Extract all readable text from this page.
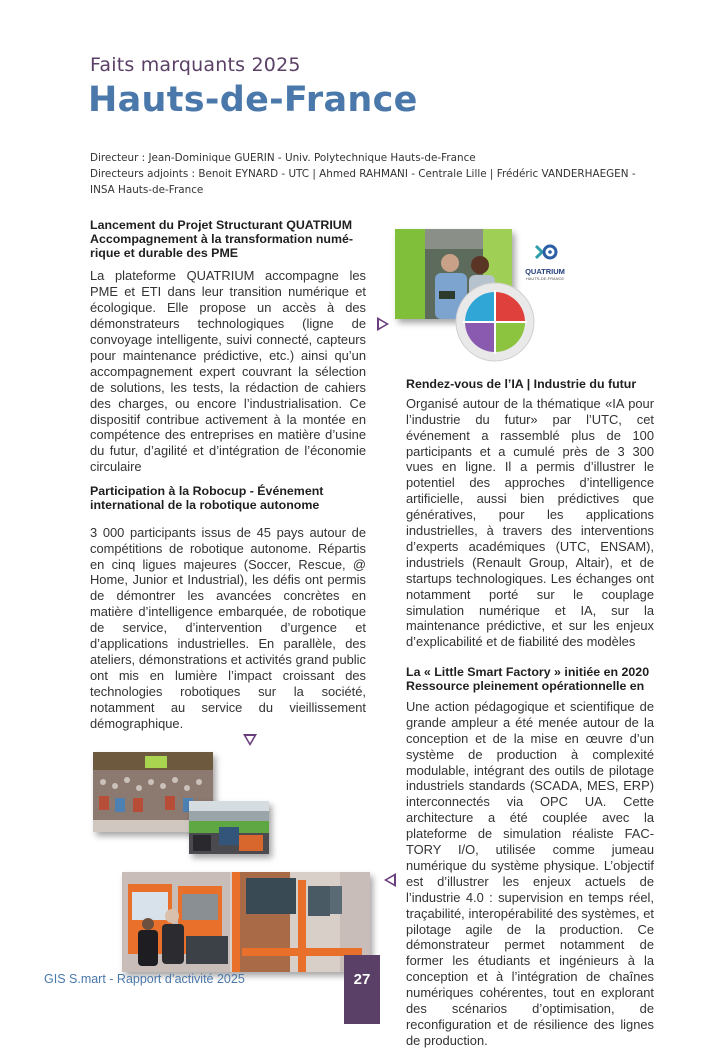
Faits marquants 2025
Hauts-de-France
Directeur : Jean-Dominique GUERIN - Univ. Polytechnique Hauts-de-France
Directeurs adjoints : Benoit EYNARD - UTC | Ahmed RAHMANI - Centrale Lille | Frédéric VANDERHAEGEN -
INSA Hauts-de-France
Lancement du Projet Structurant QUATRIUM Accompagnement à la transformation numérique et durable des PME
La plateforme QUATRIUM accompagne les PME et ETI dans leur transition numérique et écologique. Elle propose un accès à des démonstrateurs technologiques (ligne de convoyage intelligente, suivi connecté, capteurs pour maintenance prédictive, etc.) ainsi qu’un accompagnement expert couvrant la sélection de solutions, les tests, la rédaction de cahiers des charges, ou encore l’industrialisation. Ce dispositif contribue activement à la montée en compétence des entreprises en matière d’usine du futur, d’agilité et d’intégration de l’économie circulaire
Participation à la Robocup - Événement international de la robotique autonome
3 000 participants issus de 45 pays autour de compétitions de robotique autonome. Répartis en cinq ligues majeures (Soccer, Rescue, @ Home, Junior et Industrial), les défis ont permis de démontrer les avancées concrètes en matière d’intelligence embarquée, de robotique de service, d’intervention d’urgence et d’applications industrielles. En parallèle, des ateliers, démonstrations et activités grand public ont mis en lumière l’impact croissant des technologies robotiques sur la société, notamment au service du vieillissement démographique.
Rendez-vous de l’IA | Industrie du futur
Organisé autour de la thématique «IA pour l’industrie du futur» par l’UTC, cet événement a rassemblé plus de 100 participants et a cumulé près de 3 300 vues en ligne. Il a permis d’illustrer le potentiel des approches d’intelligence artificielle, aussi bien prédictives que génératives, pour les applications industrielles, à travers des interventions d’experts académiques (UTC, ENSAM), industriels (Renault Group, Altair), et de startups technologiques. Les échanges ont notamment porté sur le couplage simulation numérique et IA, sur la maintenance prédictive, et sur les enjeux d’explicabilité et de fiabilité des modèles
La « Little Smart Factory » initiée en 2020 Ressource pleinement opérationnelle en
Une action pédagogique et scientifique de grande ampleur a été menée autour de la conception et de la mise en œuvre d’un système de production à complexité modulable, intégrant des outils de pilotage industriels standards (SCADA, MES, ERP) interconnectés via OPC UA. Cette architecture a été couplée avec la plateforme de simulation réaliste FACTORY I/O, utilisée comme jumeau numérique du système physique. L’objectif est d’illustrer les enjeux actuels de l’industrie 4.0 : supervision en temps réel, traçabilité, interopérabilité des systèmes, et pilotage agile de la production. Ce démonstrateur permet notamment de former les étudiants et ingénieurs à la conception et à l’intégration de chaînes numériques cohérentes, tout en explorant des scénarios d’optimisation, de reconfiguration et de résilience des lignes de production.
QUATRIUM
HAUTS-DE-FRANCE
GIS S.mart - Rapport d’activité 2025	27
